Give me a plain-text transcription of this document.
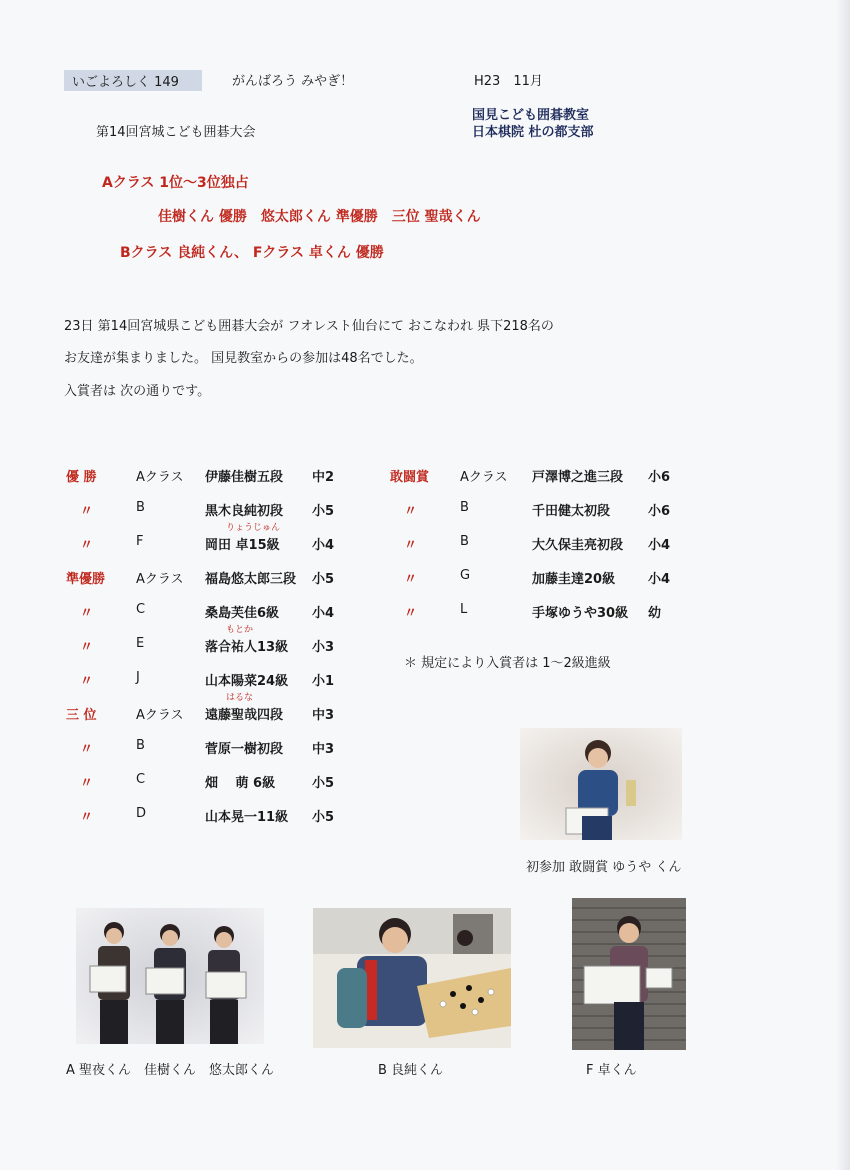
いごよろしく 149	がんばろう みやぎ！	H23　11月
国見こども囲碁教室
日本棋院 杜の都支部
第14回宮城こども囲碁大会
Aクラス 1位～3位独占
佳樹くん 優勝　悠太郎くん 準優勝　三位 聖哉くん
Bクラス 良純くん、 Fクラス 卓くん 優勝
23日 第14回宮城県こども囲碁大会が フオレスト仙台にて おこなわれ 県下218名の
お友達が集まりました。 国見教室からの参加は48名でした。
入賞者は 次の通りです。
優 勝	Aクラス 伊藤佳樹五段 中2
〃	B	黒木良純初段 小5
りょうじゅん
〃	F	岡田 卓15級 小4
準優勝 Aクラス 福島悠太郎三段 小5
〃	C	桑島芙佳6級	小4
もとか
〃	E	落合祐人13級 小3
〃	J	山本陽菜24級 小1
はるな
三 位	Aクラス 遠藤聖哉四段 中3
〃	B	菅原一樹初段 中3
〃	C	畑 　萌 6級	小5
〃	D	山本晃一11級 小5
敢闘賞 Aクラス 戸澤博之進三段 小6
〃	B	千田健太初段	小6
〃	B	大久保圭亮初段 小4
〃	G	加藤圭達20級	小4
〃	L	手塚ゆうや30級 幼
＊ 規定により入賞者は 1～2級進級
初参加 敢闘賞 ゆうや くん
A 聖夜くん　佳樹くん　悠太郎くん	B 良純くん	F 卓くん
